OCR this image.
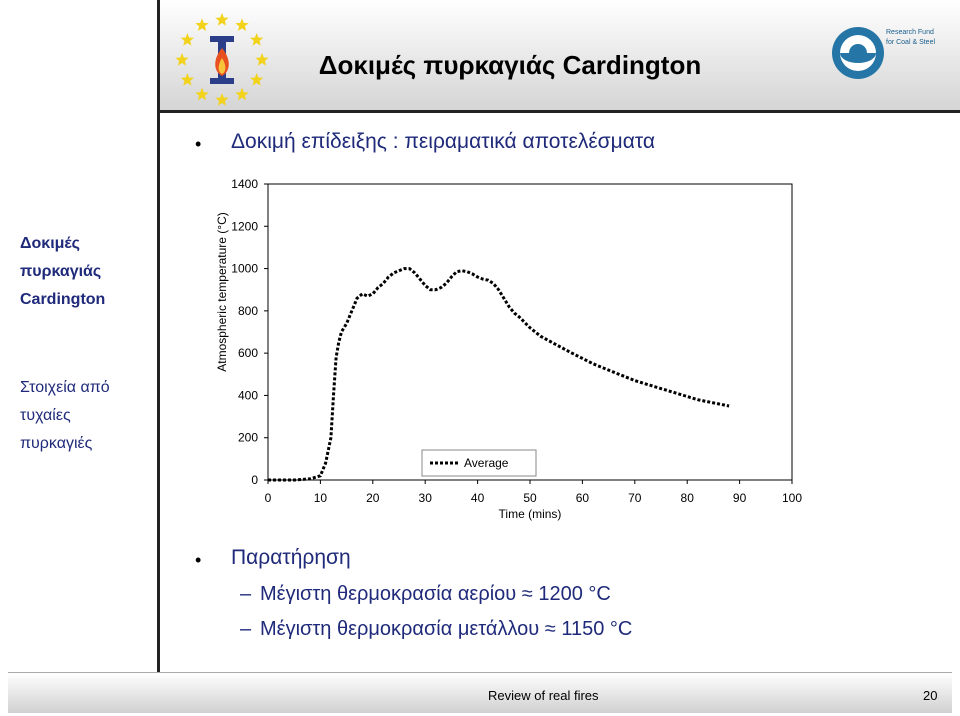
Research Fund
for Coal & Steel
Δοκιμές πυρκαγιάς Cardington
Δοκιμές
πυρκαγιάς
Cardington
Στοιχεία από
τυχαίες
πυρκαγιές
• Δοκιμή επίδειξης : πειραματικά αποτελέσματα
0
200
400
600
800
1000
1200
1400
0	10	20	30	40	50	60	70	80	90	100
Time (mins)
Atmospheric temperature (°C)
Average
• Παρατήρηση
– Μέγιστη θερμοκρασία αερίου ≈ 1200 °C
– Μέγιστη θερμοκρασία μετάλλου ≈ 1150 °C
Review of real fires	20
